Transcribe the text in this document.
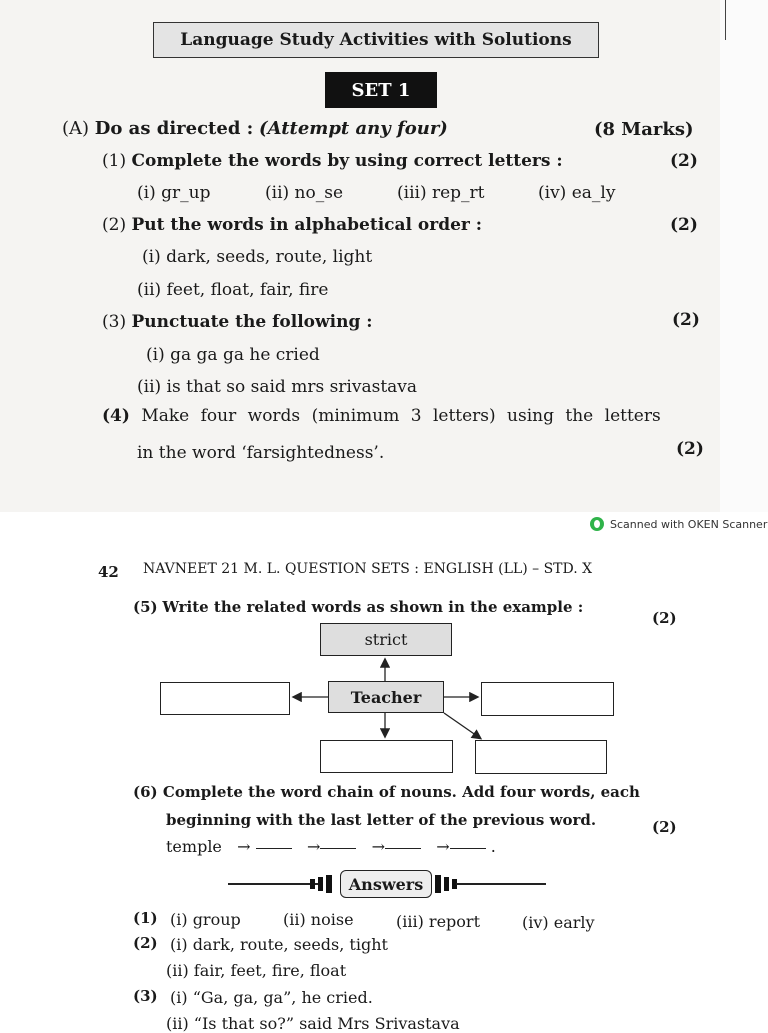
Language Study Activities with Solutions
SET 1
(A) Do as directed : (Attempt any four)	(8 Marks)
(1) Complete the words by using correct letters :	(2)
(i) gr_up	(ii) no_se	(iii) rep_rt	(iv) ea_ly
(2) Put the words in alphabetical order :	(2)
(i) dark, seeds, route, light
(ii) feet, float, fair, fire
(3) Punctuate the following :	(2)
(i) ga ga ga he cried
(ii) is that so said mrs srivastava
(4) Make four words (minimum 3 letters) using the letters
in the word ‘farsightedness’.	(2)
Scanned with OKEN Scanner
42 NAVNEET 21 M. L. QUESTION SETS : ENGLISH (LL) – STD. X
(5) Write the related words as shown in the example :
(2)
strict
Teacher
(6) Complete the word chain of nouns. Add four words, each
beginning with the last letter of the previous word.	(2)
temple →	→	→	→ .
Answers
(1) (i) group	(ii) noise	(iii) report	(iv) early
(2) (i) dark, route, seeds, tight
(ii) fair, feet, fire, float
(3) (i) “Ga, ga, ga”, he cried.
(ii) “Is that so?” said Mrs Srivastava
